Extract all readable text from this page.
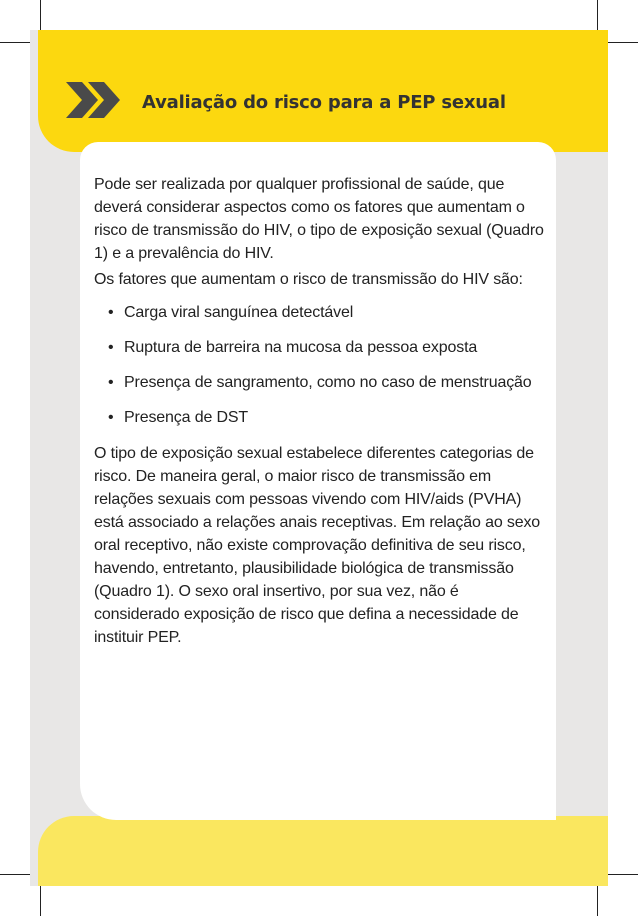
Avaliação do risco para a PEP sexual

Pode ser realizada por qualquer profissional de saúde, que deverá considerar aspectos como os fatores que aumentam o risco de transmissão do HIV, o tipo de exposição sexual (Quadro 1) e a prevalência do HIV.

Os fatores que aumentam o risco de transmissão do HIV são:

• Carga viral sanguínea detectável
• Ruptura de barreira na mucosa da pessoa exposta
• Presença de sangramento, como no caso de menstruação
• Presença de DST

O tipo de exposição sexual estabelece diferentes categorias de risco. De maneira geral, o maior risco de transmissão em relações sexuais com pessoas vivendo com HIV/aids (PVHA) está associado a relações anais receptivas. Em relação ao sexo oral receptivo, não existe comprovação definitiva de seu risco, havendo, entretanto, plausibilidade biológica de transmissão (Quadro 1). O sexo oral insertivo, por sua vez, não é considerado exposição de risco que defina a necessidade de instituir PEP.
